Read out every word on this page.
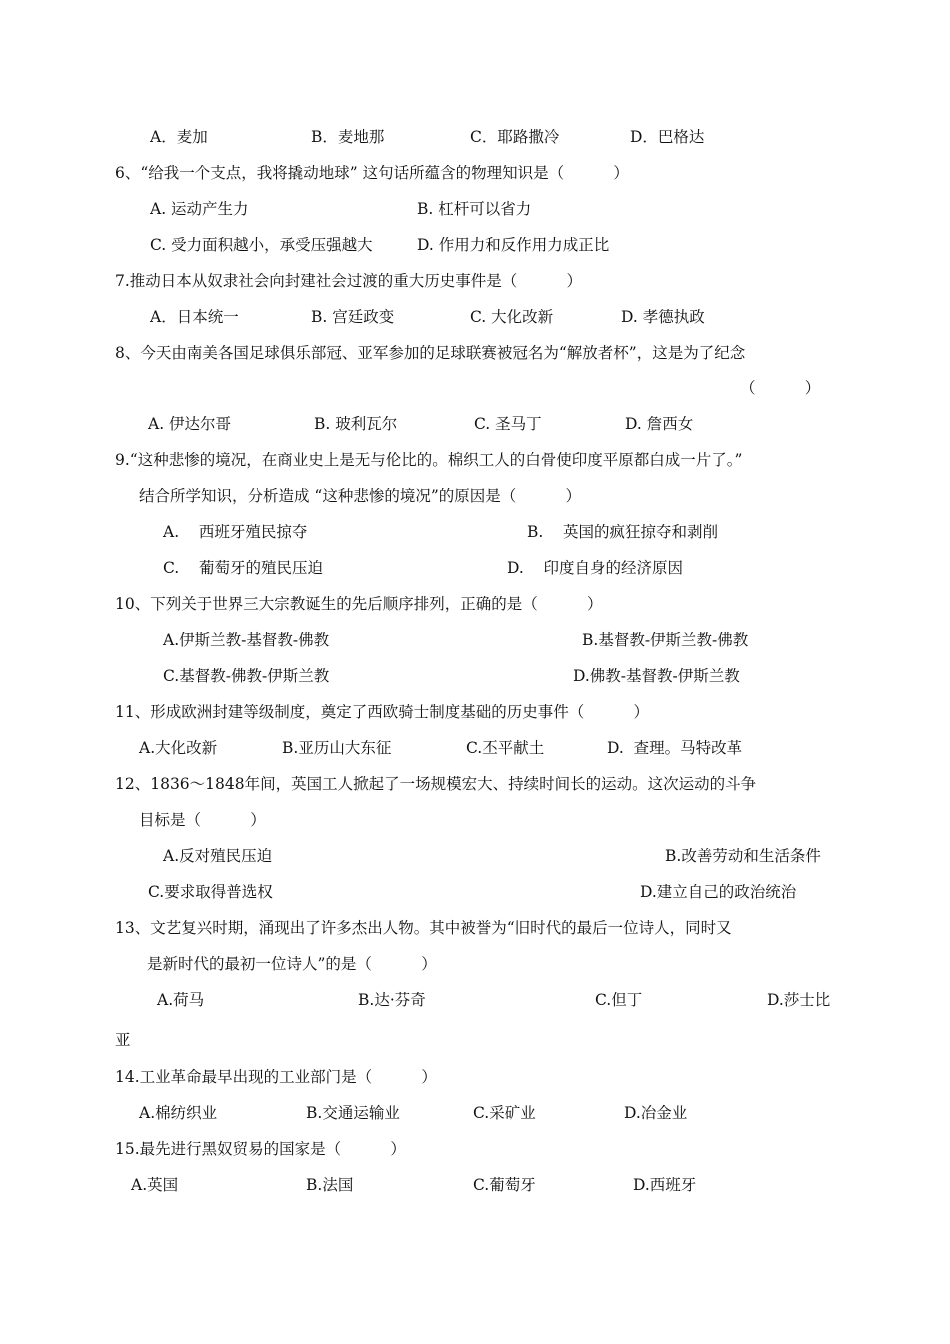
A．麦加	B．麦地那	C．耶路撒冷	D．巴格达
6、“给我一个支点，我将撬动地球” 这句话所蕴含的物理知识是（          ）
A. 运动产生力	B. 杠杆可以省力
C. 受力面积越小，承受压强越大	D. 作用力和反作用力成正比
7.推动日本从奴隶社会向封建社会过渡的重大历史事件是（          ）
A．日本统一	B. 宫廷政变	C. 大化改新	D. 孝德执政
8、今天由南美各国足球俱乐部冠、亚军参加的足球联赛被冠名为“解放者杯”，这是为了纪念
（          ）
A. 伊达尔哥	B. 玻利瓦尔	C. 圣马丁	D. 詹西女
9.“这种悲惨的境况，在商业史上是无与伦比的。棉织工人的白骨使印度平原都白成一片了。”
结合所学知识，分析造成 “这种悲惨的境况”的原因是（          ）
A.    西班牙殖民掠夺	B.    英国的疯狂掠夺和剥削
C.    葡萄牙的殖民压迫	D.    印度自身的经济原因
10、下列关于世界三大宗教诞生的先后顺序排列，正确的是（          ）
A.伊斯兰教-基督教-佛教	B.基督教-伊斯兰教-佛教
C.基督教-佛教-伊斯兰教	D.佛教-基督教-伊斯兰教
11、形成欧洲封建等级制度，奠定了西欧骑士制度基础的历史事件（          ）
A.大化改新	B.亚历山大东征	C.丕平献土	D.  查理。马特改革
12、1836～1848年间，英国工人掀起了一场规模宏大、持续时间长的运动。这次运动的斗争
目标是（          ）
A.反对殖民压迫	B.改善劳动和生活条件
C.要求取得普选权	D.建立自己的政治统治
13、文艺复兴时期，涌现出了许多杰出人物。其中被誉为“旧时代的最后一位诗人，同时又
是新时代的最初一位诗人”的是（          ）
A.荷马	B.达·芬奇	C.但丁	D.莎士比
亚
14.工业革命最早出现的工业部门是（          ）
A.棉纺织业	B.交通运输业	C.采矿业	D.冶金业
15.最先进行黑奴贸易的国家是（          ）
A.英国	B.法国	C.葡萄牙	D.西班牙
